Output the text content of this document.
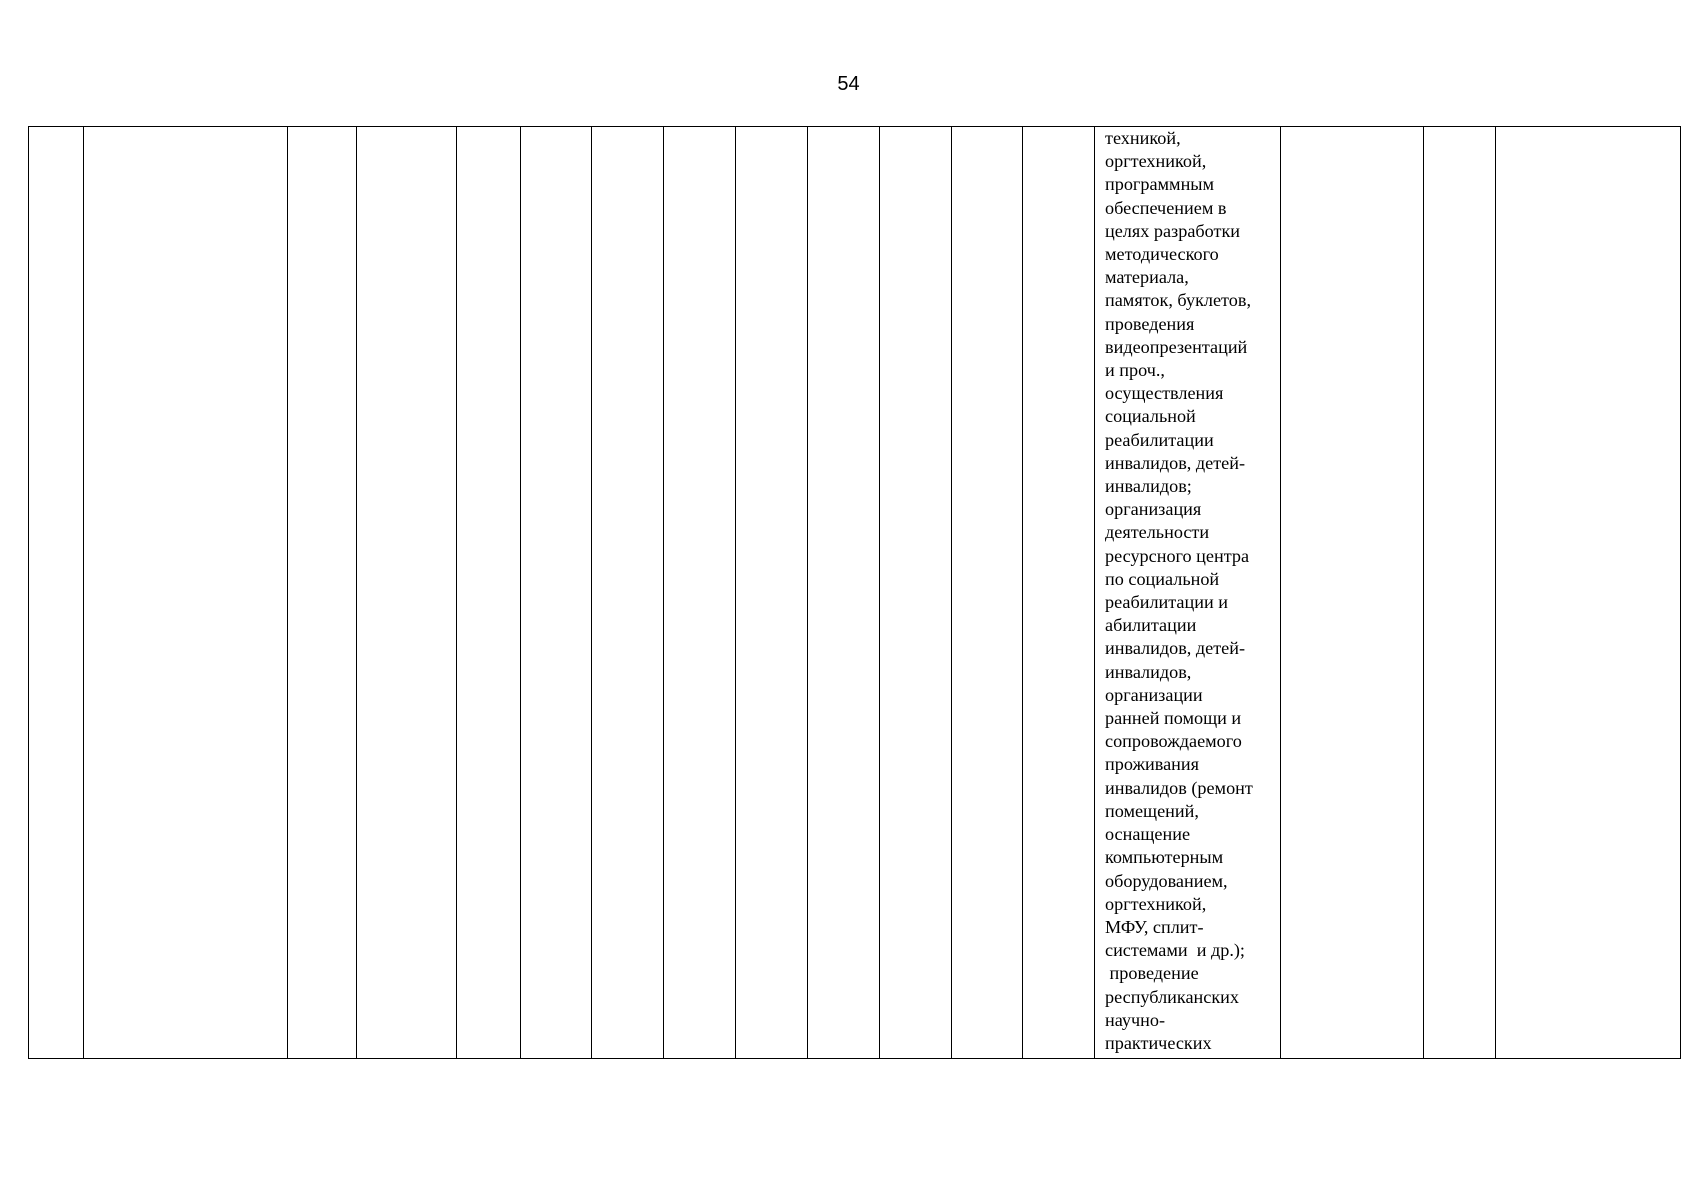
54
													техникой,
оргтехникой,
программным
обеспечением в
целях разработки
методического
материала,
памяток, буклетов,
проведения
видеопрезентаций
и проч.,
осуществления
социальной
реабилитации
инвалидов, детей-
инвалидов;
организация
деятельности
ресурсного центра
по социальной
реабилитации и
абилитации
инвалидов, детей-
инвалидов,
организации
ранней помощи и
сопровождаемого
проживания
инвалидов (ремонт
помещений,
оснащение
компьютерным
оборудованием,
оргтехникой,
МФУ, сплит-
системами  и др.);
проведение
республиканских
научно-
практических			
